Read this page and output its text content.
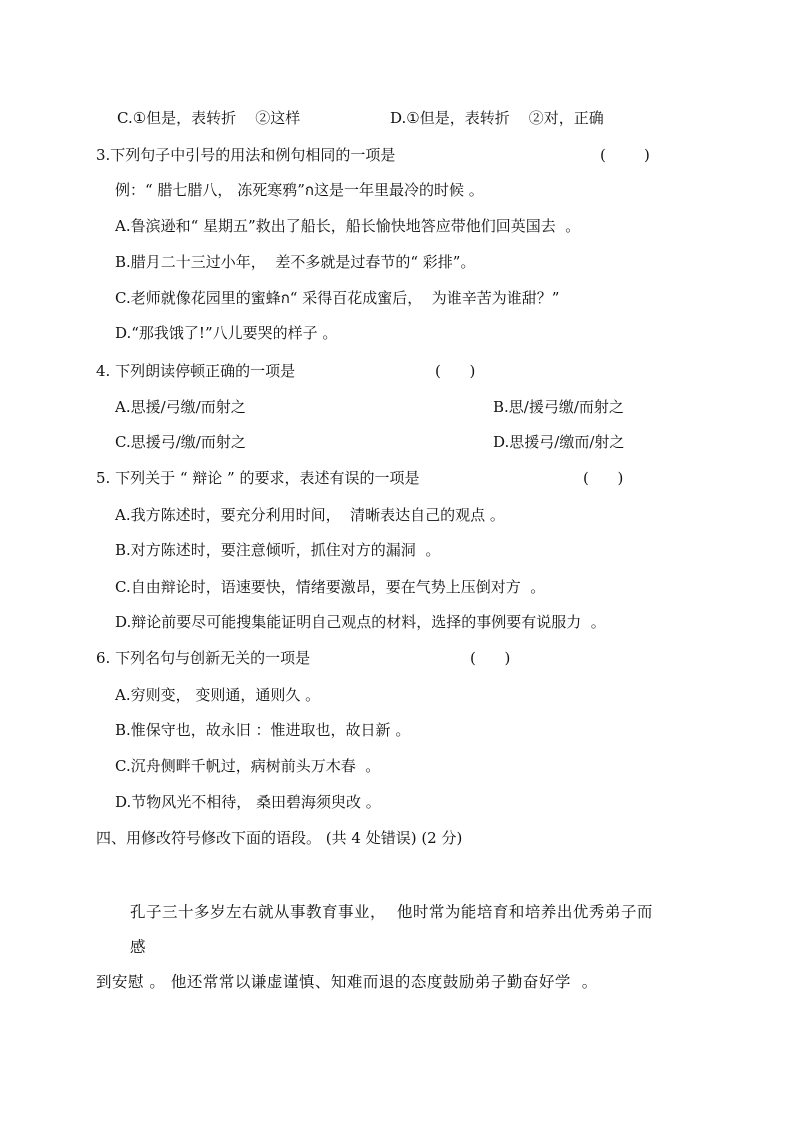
C.①但是，表转折    ②这样	D.①但是，表转折    ②对，正确
3.下列句子中引号的用法和例句相同的一项是	(        )
例：“ 腊七腊八， 冻死寒鸦”ก这是一年里最冷的时候 。
A.鲁滨逊和“ 星期五”救出了船长，船长愉快地答应带他们回英国去  。
B.腊月二十三过小年，  差不多就是过春节的“ 彩排”。
C.老师就像花园里的蜜蜂ก“ 采得百花成蜜后，  为谁辛苦为谁甜？”
D.“那我饿了!”八儿要哭的样子 。
4. 下列朗读停顿正确的一项是	(      )
A.思援/弓缴/而射之	B.思/援弓缴/而射之
C.思援弓/缴/而射之	D.思援弓/缴而/射之
5. 下列关于 “ 辩论 ” 的要求，表述有误的一项是	(      )
A.我方陈述时，要充分利用时间，  清晰表达自己的观点 。
B.对方陈述时，要注意倾听，抓住对方的漏洞  。
C.自由辩论时，语速要快，情绪要激昂，要在气势上压倒对方  。
D.辩论前要尽可能搜集能证明自己观点的材料，选择的事例要有说服力  。
6. 下列名句与创新无关的一项是	(      )
A.穷则变， 变则通，通则久 。
B.惟保守也，故永旧 ：惟进取也，故日新 。
C.沉舟侧畔千帆过，病树前头万木春  。
D.节物风光不相待， 桑田碧海须臾改 。
四、用修改符号修改下面的语段。 (共 4 处错误) (2 分)
孔子三十多岁左右就从事教育事业，  他时常为能培育和培养出优秀弟子而
感
到安慰 。 他还常常以谦虚谨慎、知难而退的态度鼓励弟子勤奋好学  。
